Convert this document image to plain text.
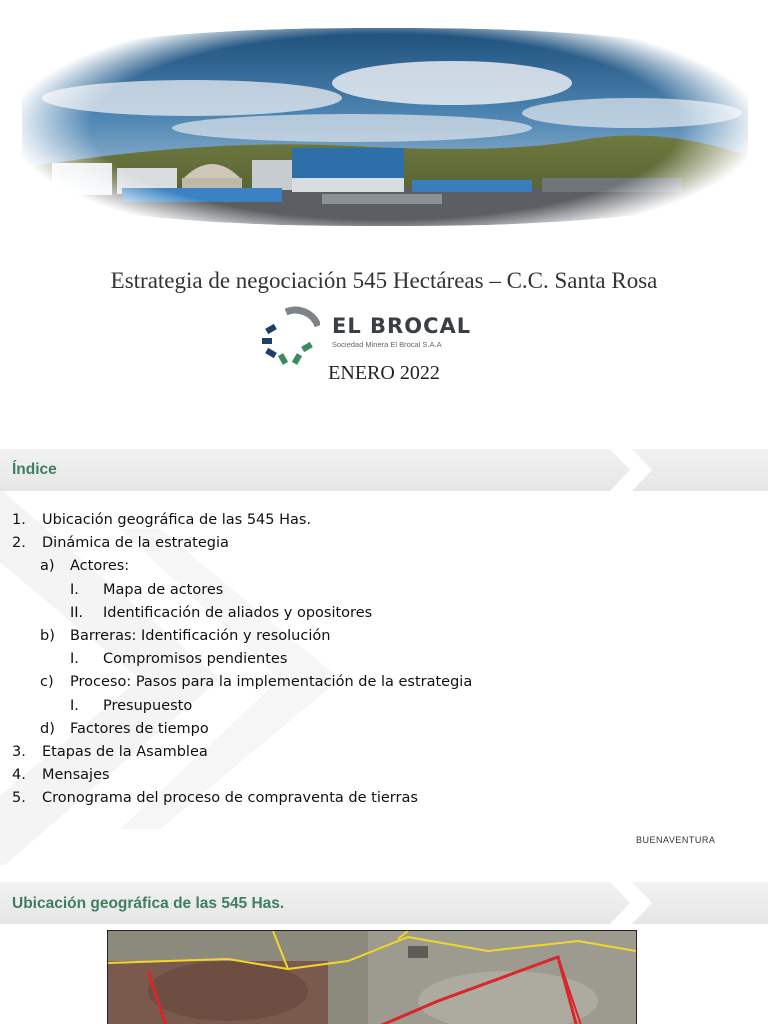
Estrategia de negociación 545 Hectáreas – C.C. Santa Rosa
EL BROCAL
Sociedad Minera El Brocal S.A.A
ENERO 2022
Índice
1. Ubicación geográfica de las 545 Has.
2. Dinámica de la estrategia
a) Actores:
I. Mapa de actores
II. Identificación de aliados y opositores
b) Barreras: Identificación y resolución
I. Compromisos pendientes
c) Proceso: Pasos para la implementación de la estrategia
I. Presupuesto
d) Factores de tiempo
3. Etapas de la Asamblea
4. Mensajes
5. Cronograma del proceso de compraventa de tierras
BUENAVENTURA
Ubicación geográfica de las 545 Has.
